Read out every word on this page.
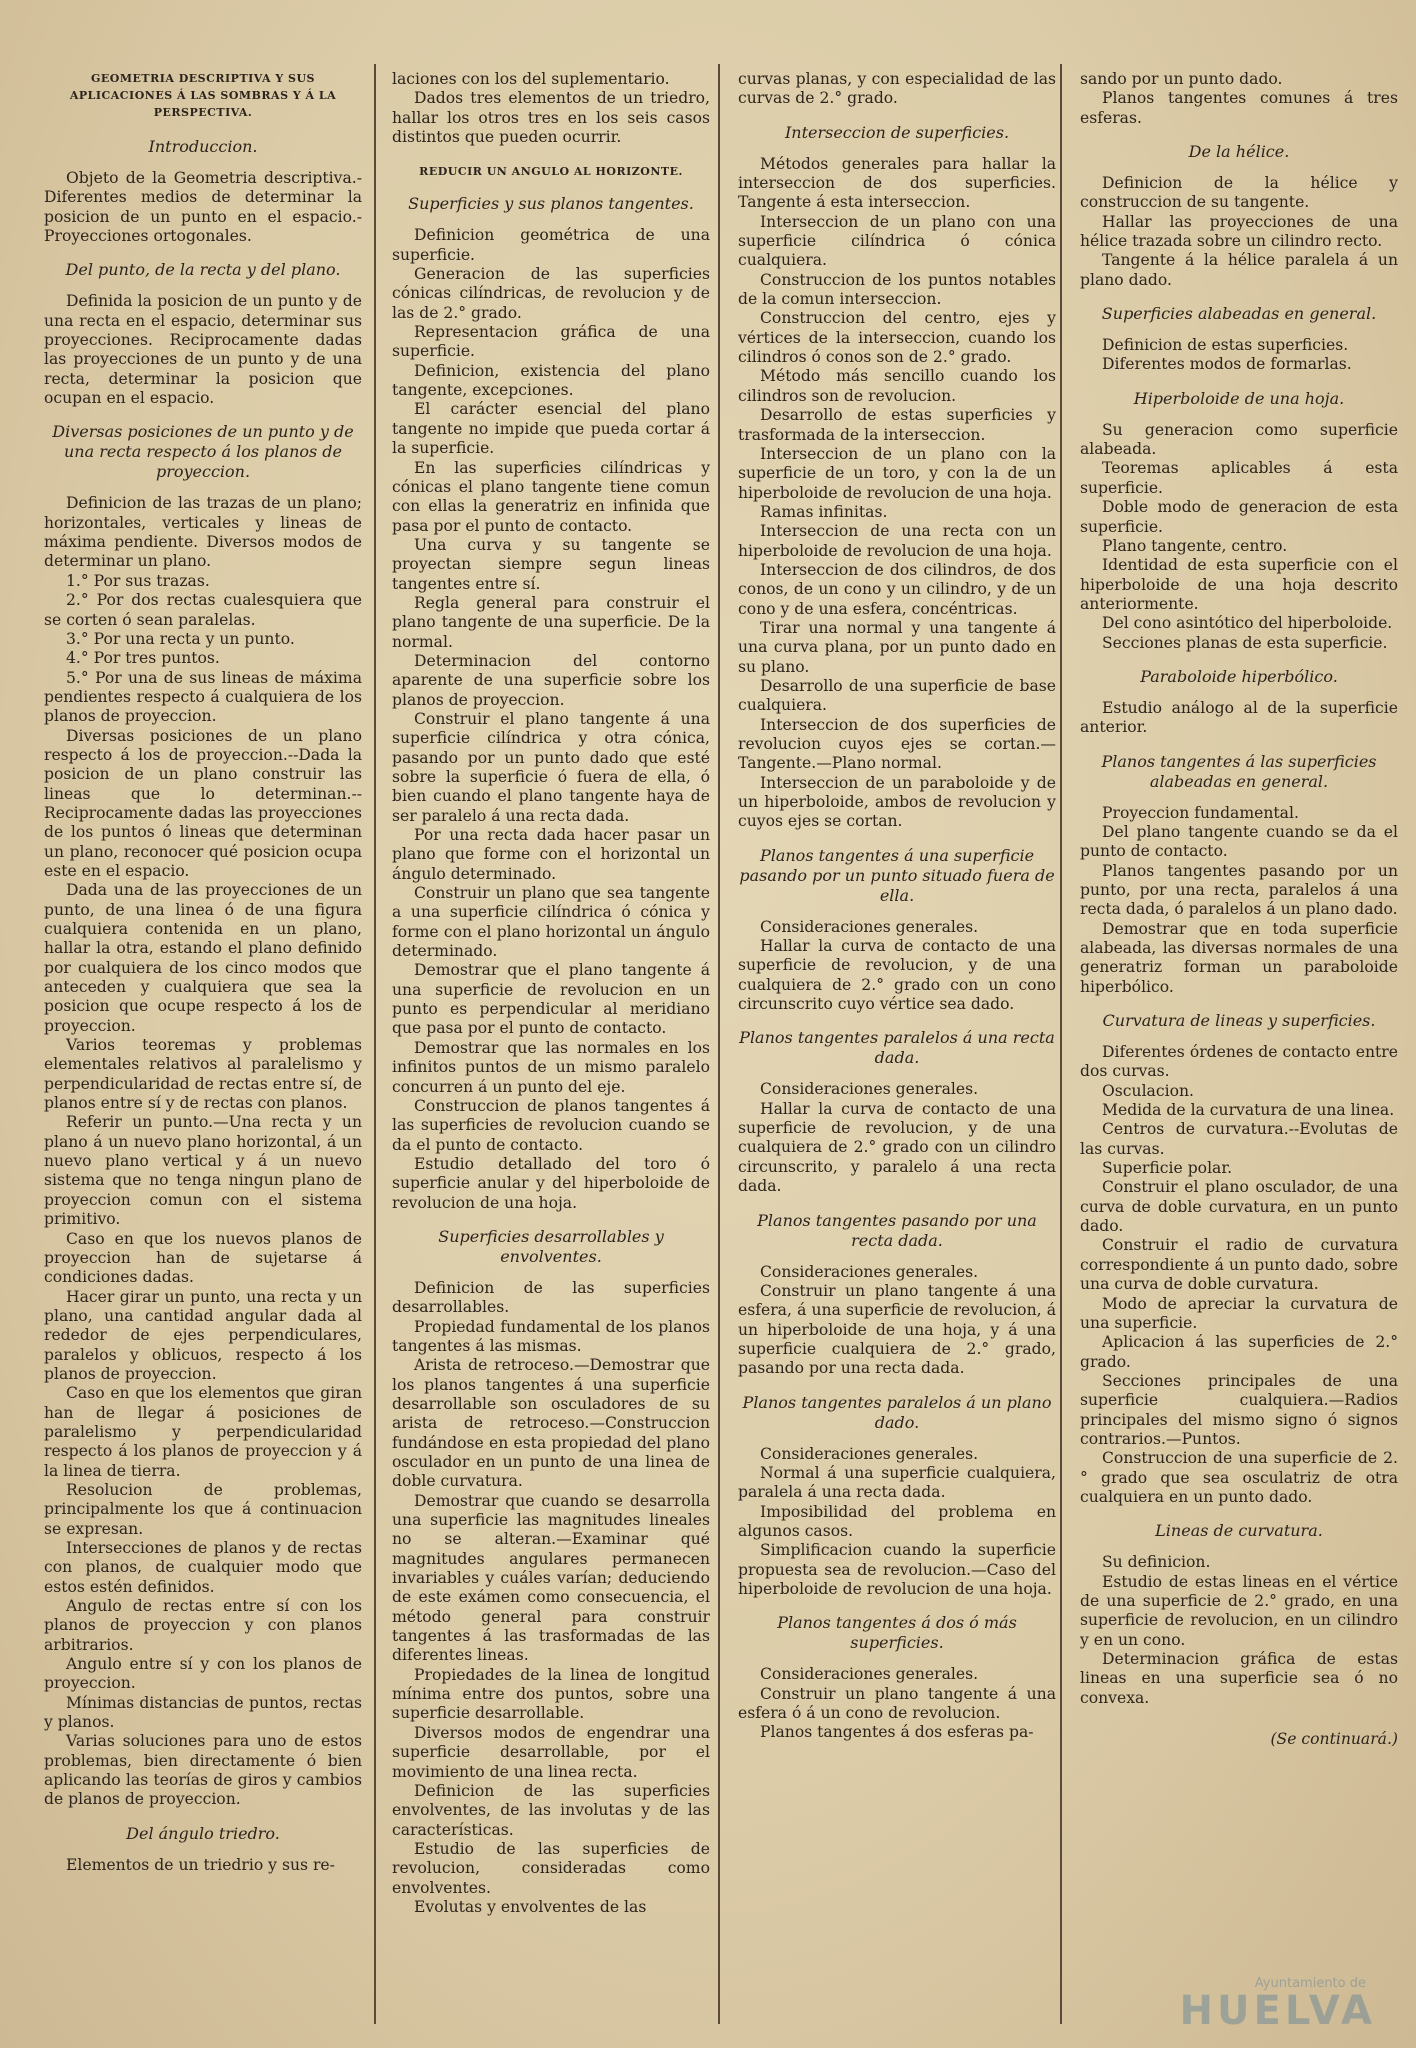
GEOMETRIA DESCRIPTIVA Y SUS APLICACIONES Á LAS SOMBRAS Y Á LA PERSPECTIVA.
Introduccion.

Objeto de la Geometria descriptiva.-Diferentes medios de determinar la posicion de un punto en el espacio.-Proyecciones ortogonales.

Del punto, de la recta y del plano.

Definida la posicion de un punto y de una recta en el espacio, determinar sus proyecciones. Reciprocamente dadas las proyecciones de un punto y de una recta, determinar la posicion que ocupan en el espacio.

Diversas posiciones de un punto y de una recta respecto á los planos de proyeccion.

Definicion de las trazas de un plano; horizontales, verticales y lineas de máxima pendiente. Diversos modos de determinar un plano.

1.° Por sus trazas.

2.° Por dos rectas cualesquiera que se corten ó sean paralelas.

3.° Por una recta y un punto.

4.° Por tres puntos.

5.° Por una de sus lineas de máxima pendientes respecto á cualquiera de los planos de proyeccion.

Diversas posiciones de un plano respecto á los de proyeccion.--Dada la posicion de un plano construir las lineas que lo determinan.--Reciprocamente dadas las proyecciones de los puntos ó lineas que determinan un plano, reconocer qué posicion ocupa este en el espacio.

Dada una de las proyecciones de un punto, de una linea ó de una figura cualquiera contenida en un plano, hallar la otra, estando el plano definido por cualquiera de los cinco modos que anteceden y cualquiera que sea la posicion que ocupe respecto á los de proyeccion.

Varios teoremas y problemas elementales relativos al paralelismo y perpendicularidad de rectas entre sí, de planos entre sí y de rectas con planos.

Referir un punto.—Una recta y un plano á un nuevo plano horizontal, á un nuevo plano vertical y á un nuevo sistema que no tenga ningun plano de proyeccion comun con el sistema primitivo.

Caso en que los nuevos planos de proyeccion han de sujetarse á condiciones dadas.

Hacer girar un punto, una recta y un plano, una cantidad angular dada al rededor de ejes perpendiculares, paralelos y oblicuos, respecto á los planos de proyeccion.

Caso en que los elementos que giran han de llegar á posiciones de paralelismo y perpendicularidad respecto á los planos de proyeccion y á la linea de tierra.

Resolucion de problemas, principalmente los que á continuacion se expresan.

Intersecciones de planos y de rectas con planos, de cualquier modo que estos estén definidos.

Angulo de rectas entre sí con los planos de proyeccion y con planos arbitrarios.

Angulo entre sí y con los planos de proyeccion.

Mínimas distancias de puntos, rectas y planos.

Varias soluciones para uno de estos problemas, bien directamente ó bien aplicando las teorías de giros y cambios de planos de proyeccion.

Del ángulo triedro.

Elementos de un triedrio y sus re-

laciones con los del suplementario.

Dados tres elementos de un triedro, hallar los otros tres en los seis casos distintos que pueden ocurrir.

REDUCIR UN ANGULO AL HORIZONTE.
Superficies y sus planos tangentes.

Definicion geométrica de una superficie.

Generacion de las superficies cónicas cilíndricas, de revolucion y de las de 2.° grado.

Representacion gráfica de una superficie.

Definicion, existencia del plano tangente, excepciones.

El carácter esencial del plano tangente no impide que pueda cortar á la superficie.

En las superficies cilíndricas y cónicas el plano tangente tiene comun con ellas la generatriz en infinida que pasa por el punto de contacto.

Una curva y su tangente se proyectan siempre segun lineas tangentes entre sí.

Regla general para construir el plano tangente de una superficie. De la normal.

Determinacion del contorno aparente de una superficie sobre los planos de proyeccion.

Construir el plano tangente á una superficie cilíndrica y otra cónica, pasando por un punto dado que esté sobre la superficie ó fuera de ella, ó bien cuando el plano tangente haya de ser paralelo á una recta dada.

Por una recta dada hacer pasar un plano que forme con el horizontal un ángulo determinado.

Construir un plano que sea tangente a una superficie cilíndrica ó cónica y forme con el plano horizontal un ángulo determinado.

Demostrar que el plano tangente á una superficie de revolucion en un punto es perpendicular al meridiano que pasa por el punto de contacto.

Demostrar que las normales en los infinitos puntos de un mismo paralelo concurren á un punto del eje.

Construccion de planos tangentes á las superficies de revolucion cuando se da el punto de contacto.

Estudio detallado del toro ó superficie anular y del hiperboloide de revolucion de una hoja.

Superficies desarrollables y envolventes.

Definicion de las superficies desarrollables.

Propiedad fundamental de los planos tangentes á las mismas.

Arista de retroceso.—Demostrar que los planos tangentes á una superficie desarrollable son osculadores de su arista de retroceso.—Construccion fundándose en esta propiedad del plano osculador en un punto de una linea de doble curvatura.

Demostrar que cuando se desarrolla una superficie las magnitudes lineales no se alteran.—Examinar qué magnitudes angulares permanecen invariables y cuáles varían; deduciendo de este exámen como consecuencia, el método general para construir tangentes á las trasformadas de las diferentes lineas.

Propiedades de la linea de longitud mínima entre dos puntos, sobre una superficie desarrollable.

Diversos modos de engendrar una superficie desarrollable, por el movimiento de una linea recta.

Definicion de las superficies envolventes, de las involutas y de las características.

Estudio de las superficies de revolucion, consideradas como envolventes.

Evolutas y envolventes de las

curvas planas, y con especialidad de las curvas de 2.° grado.

Interseccion de superficies.

Métodos generales para hallar la interseccion de dos superficies. Tangente á esta interseccion.

Interseccion de un plano con una superficie cilíndrica ó cónica cualquiera.

Construccion de los puntos notables de la comun interseccion.

Construccion del centro, ejes y vértices de la interseccion, cuando los cilindros ó conos son de 2.° grado.

Método más sencillo cuando los cilindros son de revolucion.

Desarrollo de estas superficies y trasformada de la interseccion.

Interseccion de un plano con la superficie de un toro, y con la de un hiperboloide de revolucion de una hoja.

Ramas infinitas.

Interseccion de una recta con un hiperboloide de revolucion de una hoja.

Interseccion de dos cilindros, de dos conos, de un cono y un cilindro, y de un cono y de una esfera, concéntricas.

Tirar una normal y una tangente á una curva plana, por un punto dado en su plano.

Desarrollo de una superficie de base cualquiera.

Interseccion de dos superficies de revolucion cuyos ejes se cortan.—Tangente.—Plano normal.

Interseccion de un paraboloide y de un hiperboloide, ambos de revolucion y cuyos ejes se cortan.

Planos tangentes á una superficie pasando por un punto situado fuera de ella.

Consideraciones generales.

Hallar la curva de contacto de una superficie de revolucion, y de una cualquiera de 2.° grado con un cono circunscrito cuyo vértice sea dado.

Planos tangentes paralelos á una recta dada.

Consideraciones generales.

Hallar la curva de contacto de una superficie de revolucion, y de una cualquiera de 2.° grado con un cilindro circunscrito, y paralelo á una recta dada.

Planos tangentes pasando por una recta dada.

Consideraciones generales.

Construir un plano tangente á una esfera, á una superficie de revolucion, á un hiperboloide de una hoja, y á una superficie cualquiera de 2.° grado, pasando por una recta dada.

Planos tangentes paralelos á un plano dado.

Consideraciones generales.

Normal á una superficie cualquiera, paralela á una recta dada.

Imposibilidad del problema en algunos casos.

Simplificacion cuando la superficie propuesta sea de revolucion.—Caso del hiperboloide de revolucion de una hoja.

Planos tangentes á dos ó más superficies.

Consideraciones generales.

Construir un plano tangente á una esfera ó á un cono de revolucion.

Planos tangentes á dos esferas pa-

sando por un punto dado.

Planos tangentes comunes á tres esferas.

De la hélice.

Definicion de la hélice y construccion de su tangente.

Hallar las proyecciones de una hélice trazada sobre un cilindro recto.

Tangente á la hélice paralela á un plano dado.

Superficies alabeadas en general.

Definicion de estas superficies.

Diferentes modos de formarlas.

Hiperboloide de una hoja.

Su generacion como superficie alabeada.

Teoremas aplicables á esta superficie.

Doble modo de generacion de esta superficie.

Plano tangente, centro.

Identidad de esta superficie con el hiperboloide de una hoja descrito anteriormente.

Del cono asintótico del hiperboloide.

Secciones planas de esta superficie.

Paraboloide hiperbólico.

Estudio análogo al de la superficie anterior.

Planos tangentes á las superficies alabeadas en general.

Proyeccion fundamental.

Del plano tangente cuando se da el punto de contacto.

Planos tangentes pasando por un punto, por una recta, paralelos á una recta dada, ó paralelos á un plano dado.

Demostrar que en toda superficie alabeada, las diversas normales de una generatriz forman un paraboloide hiperbólico.

Curvatura de lineas y superficies.

Diferentes órdenes de contacto entre dos curvas.

Osculacion.

Medida de la curvatura de una linea.

Centros de curvatura.--Evolutas de las curvas.

Superficie polar.

Construir el plano osculador, de una curva de doble curvatura, en un punto dado.

Construir el radio de curvatura correspondiente á un punto dado, sobre una curva de doble curvatura.

Modo de apreciar la curvatura de una superficie.

Aplicacion á las superficies de 2.° grado.

Secciones principales de una superficie cualquiera.—Radios principales del mismo signo ó signos contrarios.—Puntos.

Construccion de una superficie de 2.° grado que sea osculatriz de otra cualquiera en un punto dado.

Lineas de curvatura.

Su definicion.

Estudio de estas lineas en el vértice de una superficie de 2.° grado, en una superficie de revolucion, en un cilindro y en un cono.

Determinacion gráfica de estas lineas en una superficie sea ó no convexa.

(Se continuará.)
Ayuntamiento de
HUELVA
